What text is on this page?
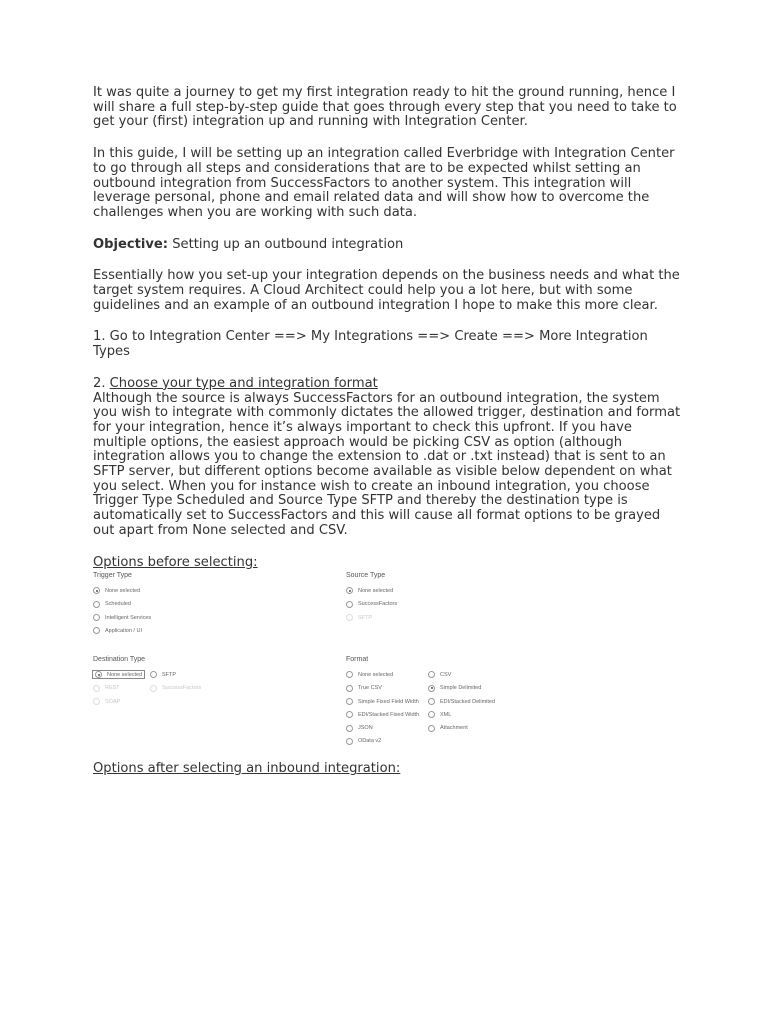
It was quite a journey to get my first integration ready to hit the ground running, hence I will share a full step-by-step guide that goes through every step that you need to take to get your (first) integration up and running with Integration Center.

In this guide, I will be setting up an integration called Everbridge with Integration Center to go through all steps and considerations that are to be expected whilst setting an outbound integration from SuccessFactors to another system. This integration will leverage personal, phone and email related data and will show how to overcome the challenges when you are working with such data.

Objective: Setting up an outbound integration

Essentially how you set-up your integration depends on the business needs and what the target system requires. A Cloud Architect could help you a lot here, but with some guidelines and an example of an outbound integration I hope to make this more clear.

1. Go to Integration Center ==> My Integrations ==> Create ==> More Integration Types

2. Choose your type and integration format

Although the source is always SuccessFactors for an outbound integration, the system you wish to integrate with commonly dictates the allowed trigger, destination and format for your integration, hence it’s always important to check this upfront. If you have multiple options, the easiest approach would be picking CSV as option (although integration allows you to change the extension to .dat or .txt instead) that is sent to an SFTP server, but different options become available as visible below dependent on what you select. When you for instance wish to create an inbound integration, you choose Trigger Type Scheduled and Source Type SFTP and thereby the destination type is automatically set to SuccessFactors and this will cause all format options to be grayed out apart from None selected and CSV.

Options before selecting:

Trigger Type
None selected
Scheduled
Intelligent Services
Application / UI
Source Type
None selected
SuccessFactors
SFTP
Destination Type
None selected
REST
SOAP
SFTP
SuccessFactors
Format
None selected
True CSV
Simple Fixed Field Width
EDI/Stacked Fixed Width
JSON
OData v2
CSV
Simple Delimited
EDI/Stacked Delimited
XML
Attachment

Options after selecting an inbound integration:
